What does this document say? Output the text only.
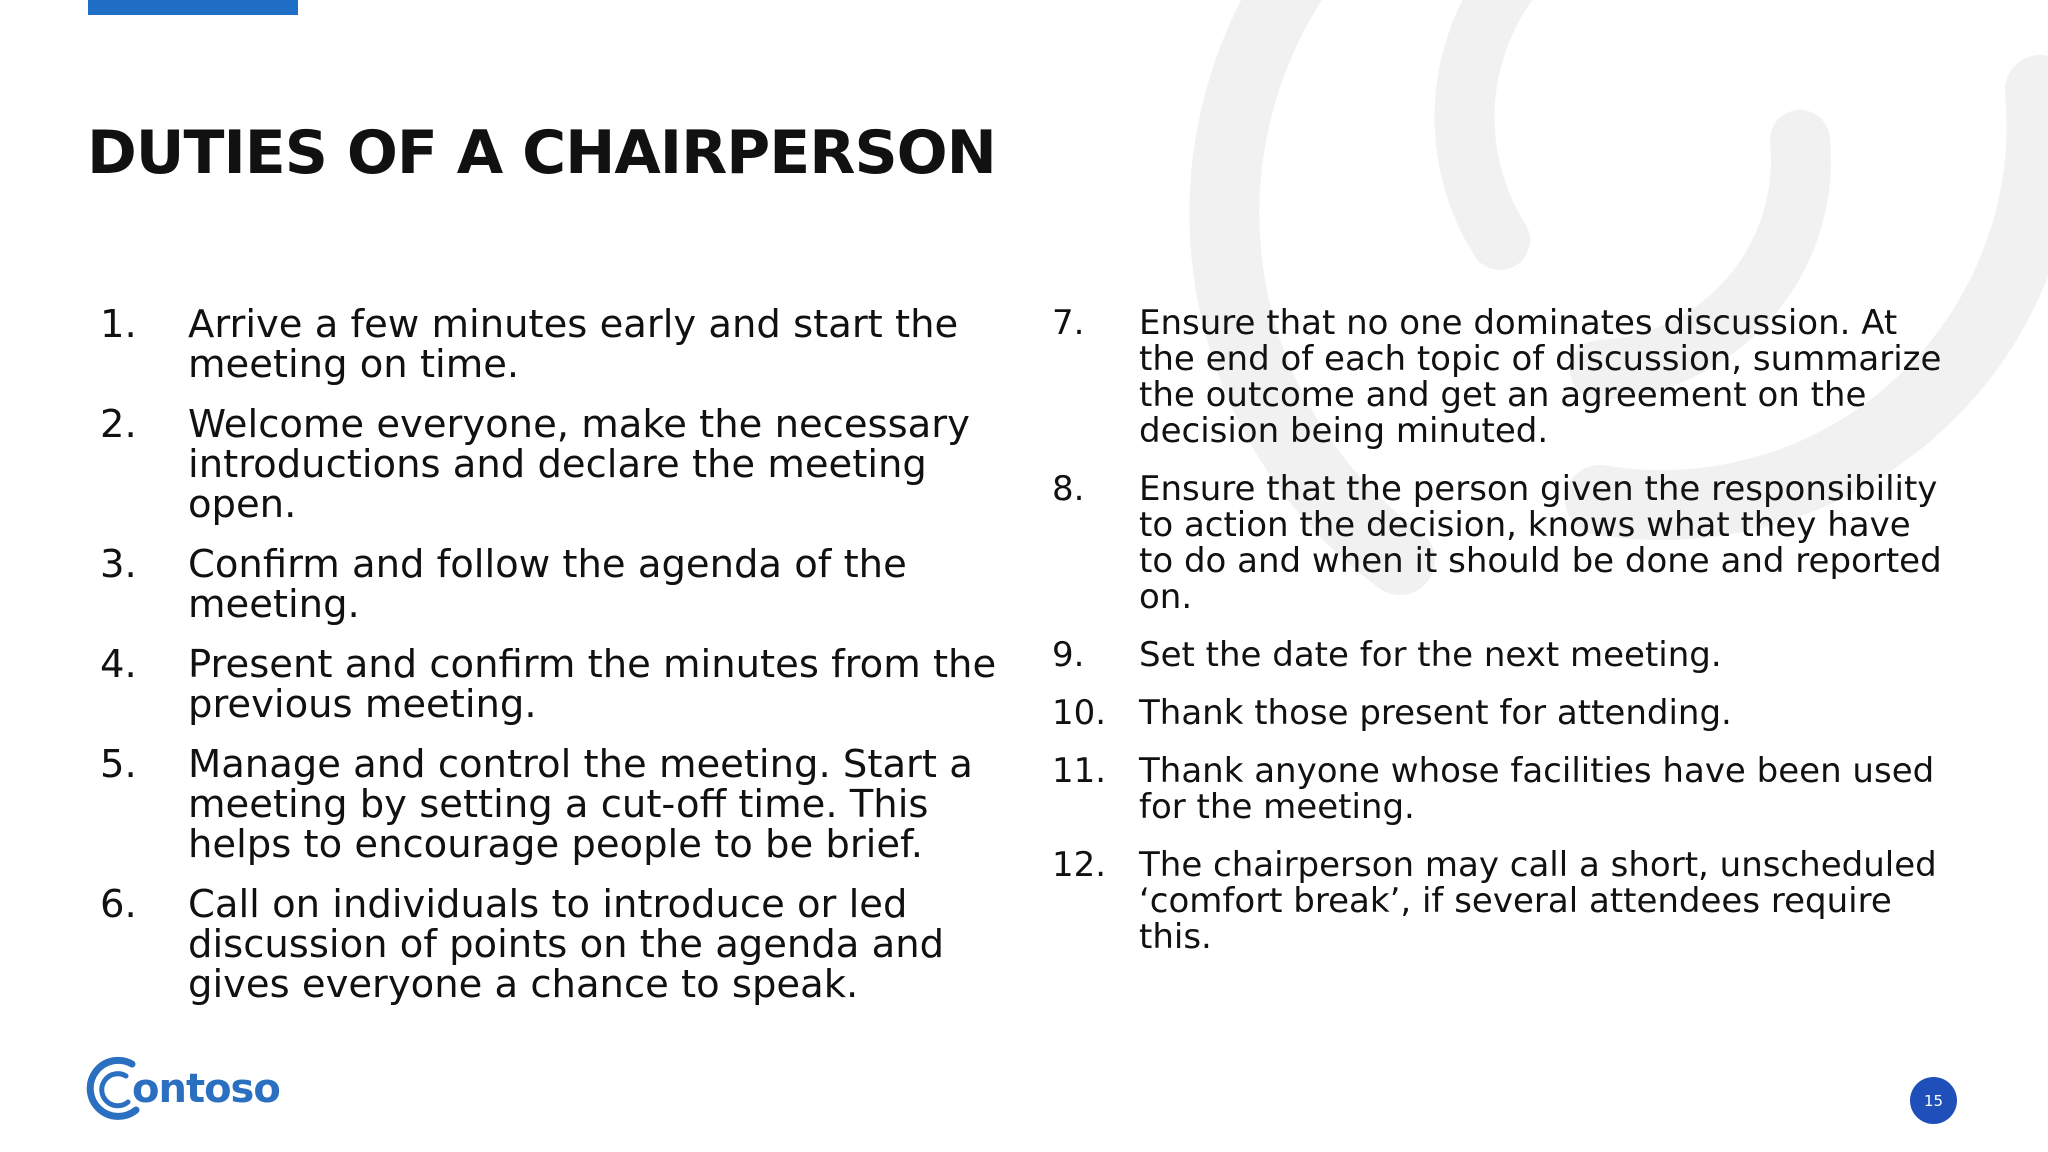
DUTIES OF A CHAIRPERSON
1.	Arrive a few minutes early and start the meeting on time.
2.	Welcome everyone, make the necessary introductions and declare the meeting open.
3.	Confirm and follow the agenda of the meeting.
4.	Present and confirm the minutes from the previous meeting.
5.	Manage and control the meeting. Start a meeting by setting a cut-off time. This helps to encourage people to be brief.
6.	Call on individuals to introduce or led discussion of points on the agenda and gives everyone a chance to speak.
7.	Ensure that no one dominates discussion. At the end of each topic of discussion, summarize the outcome and get an agreement on the decision being minuted.
8.	Ensure that the person given the responsibility to action the decision, knows what they have to do and when it should be done and reported on.
9.	Set the date for the next meeting.
10. Thank those present for attending.
11. Thank anyone whose facilities have been used for the meeting.
12. The chairperson may call a short, unscheduled ‘comfort break’, if several attendees require this.
ontoso	15
